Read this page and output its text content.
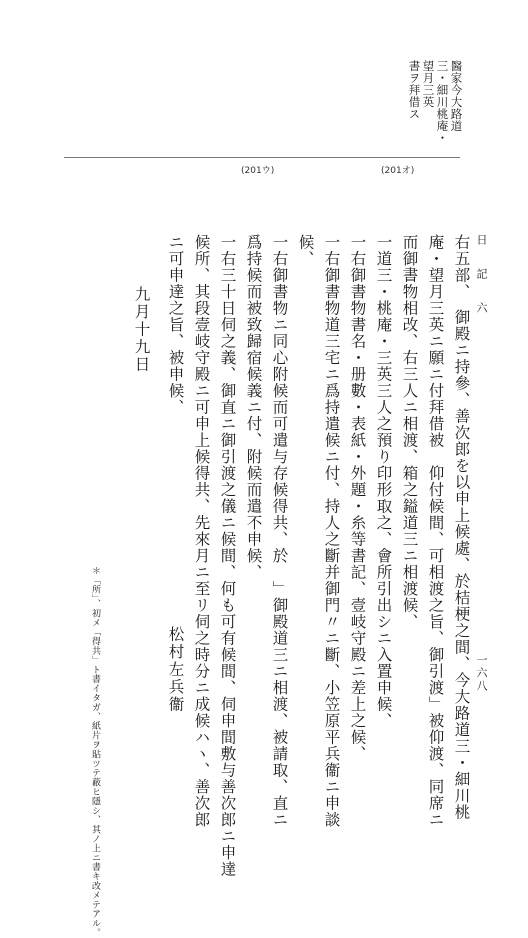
醫家今大路道
三・細川桃庵・
望月三英
書ヲ拜借ス
(201ウ)	(201オ)
日　記　六
一六八
右五部、　御殿ニ持參、善次郎を以申上候處、於桔梗之間、今大路道三・細川桃
庵・望月三英ニ願ニ付拜借被　仰付候間、可相渡之旨、御引渡」被仰渡、同席ニ
而御書物相改、右三人ニ相渡、箱之鎰道三ニ相渡候、
一道三・桃庵・三英三人之預り印形取之、會所引出シニ入置申候、
一右御書物書名・册數・表紙・外題・糸等書記、壹岐守殿ニ差上之候、
一右御書物道三宅ニ爲持遣候ニ付、持人之斷并御門〃ニ斷、小笠原平兵衞ニ申談
候、
一右御書物ニ同心附候而可遣与存候得共、於　」御殿道三ニ相渡、被請取、直ニ
爲持候而被致歸宿候義ニ付、附候而遣不申候、
一右三十日伺之義、御直ニ御引渡之儀ニ候間、何も可有候間、伺申間敷与善次郎ニ申達
候所、其段壹岐守殿ニ可申上候得共、先來月ニ至リ伺之時分ニ成候ハヽ、善次郎
ニ可申達之旨、被申候、
松村左兵衞
九月十九日
＊「所」、初メ「得共」ト書イタガ、紙片ヲ貼ツテ蔽ヒ隱シ、其ノ上ニ書キ改メテアル。
